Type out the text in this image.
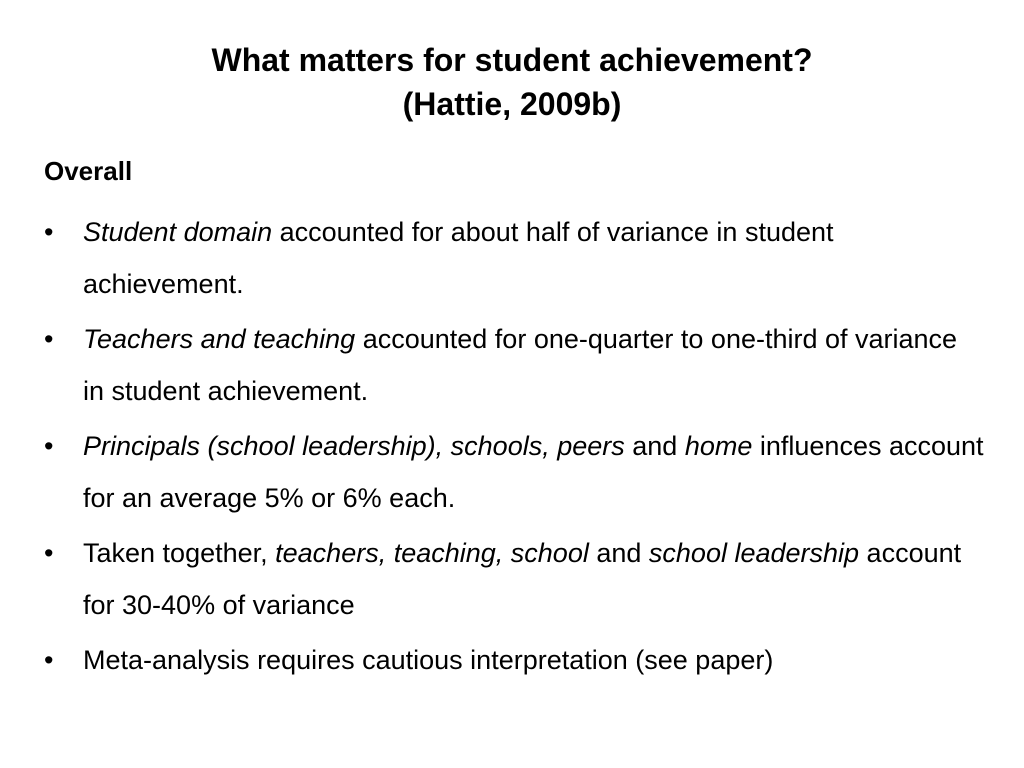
What matters for student achievement?
(Hattie, 2009b)
Overall
•	Student domain accounted for about half of variance in student achievement.
•	Teachers and teaching accounted for one-quarter to one-third of variance in student achievement.
•	Principals (school leadership), schools, peers and home influences account for an average 5% or 6% each.
•	Taken together, teachers, teaching, school and school leadership account for 30-40% of variance
•	Meta-analysis requires cautious interpretation (see paper)
